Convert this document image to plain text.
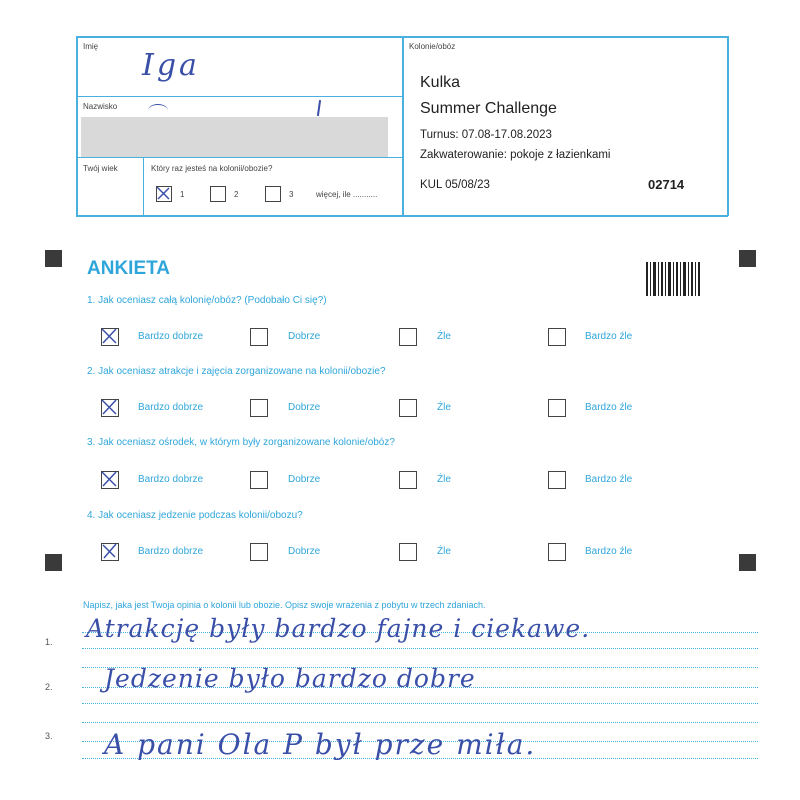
Imię
Iga
Nazwisko
Twój wiek	Który raz jesteś na kolonii/obozie?
1	2	3	więcej, ile ...........
Kolonie/obóz
Kulka
Summer Challenge
Turnus: 07.08-17.08.2023
Zakwaterowanie: pokoje z łazienkami
KUL 05/08/23	02714
ANKIETA
1. Jak oceniasz całą kolonię/obóz? (Podobało Ci się?)
Bardzo dobrze	Dobrze	Źle	Bardzo źle
2. Jak oceniasz atrakcje i zajęcia zorganizowane na kolonii/obozie?
Bardzo dobrze	Dobrze	Źle	Bardzo źle
3. Jak oceniasz ośrodek, w którym były zorganizowane kolonie/obóz?
Bardzo dobrze	Dobrze	Źle	Bardzo źle
4. Jak oceniasz jedzenie podczas kolonii/obozu?
Bardzo dobrze	Dobrze	Źle	Bardzo źle
Napisz, jaka jest Twoja opinia o kolonii lub obozie. Opisz swoje wrażenia z pobytu w trzech zdaniach.
1.
2.
3.
Atrakcję były bardzo fajne i ciekawe.
Jedzenie było bardzo dobre
A pani Ola P był prze miła.
